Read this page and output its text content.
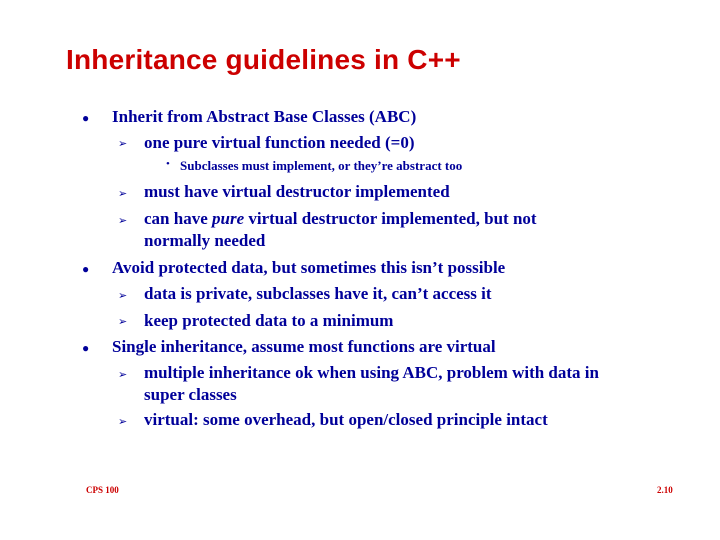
Inheritance guidelines in C++
● Inherit from Abstract Base Classes (ABC)
➢ one pure virtual function needed (=0)
• Subclasses must implement, or they’re abstract too
➢ must have virtual destructor implemented
➢ can have pure virtual destructor implemented, but not
normally needed
● Avoid protected data, but sometimes this isn’t possible
➢ data is private, subclasses have it, can’t access it
➢ keep protected data to a minimum
● Single inheritance, assume most functions are virtual
➢ multiple inheritance ok when using ABC, problem with data in
super classes
➢ virtual: some overhead, but open/closed principle intact
CPS 100	2.10
